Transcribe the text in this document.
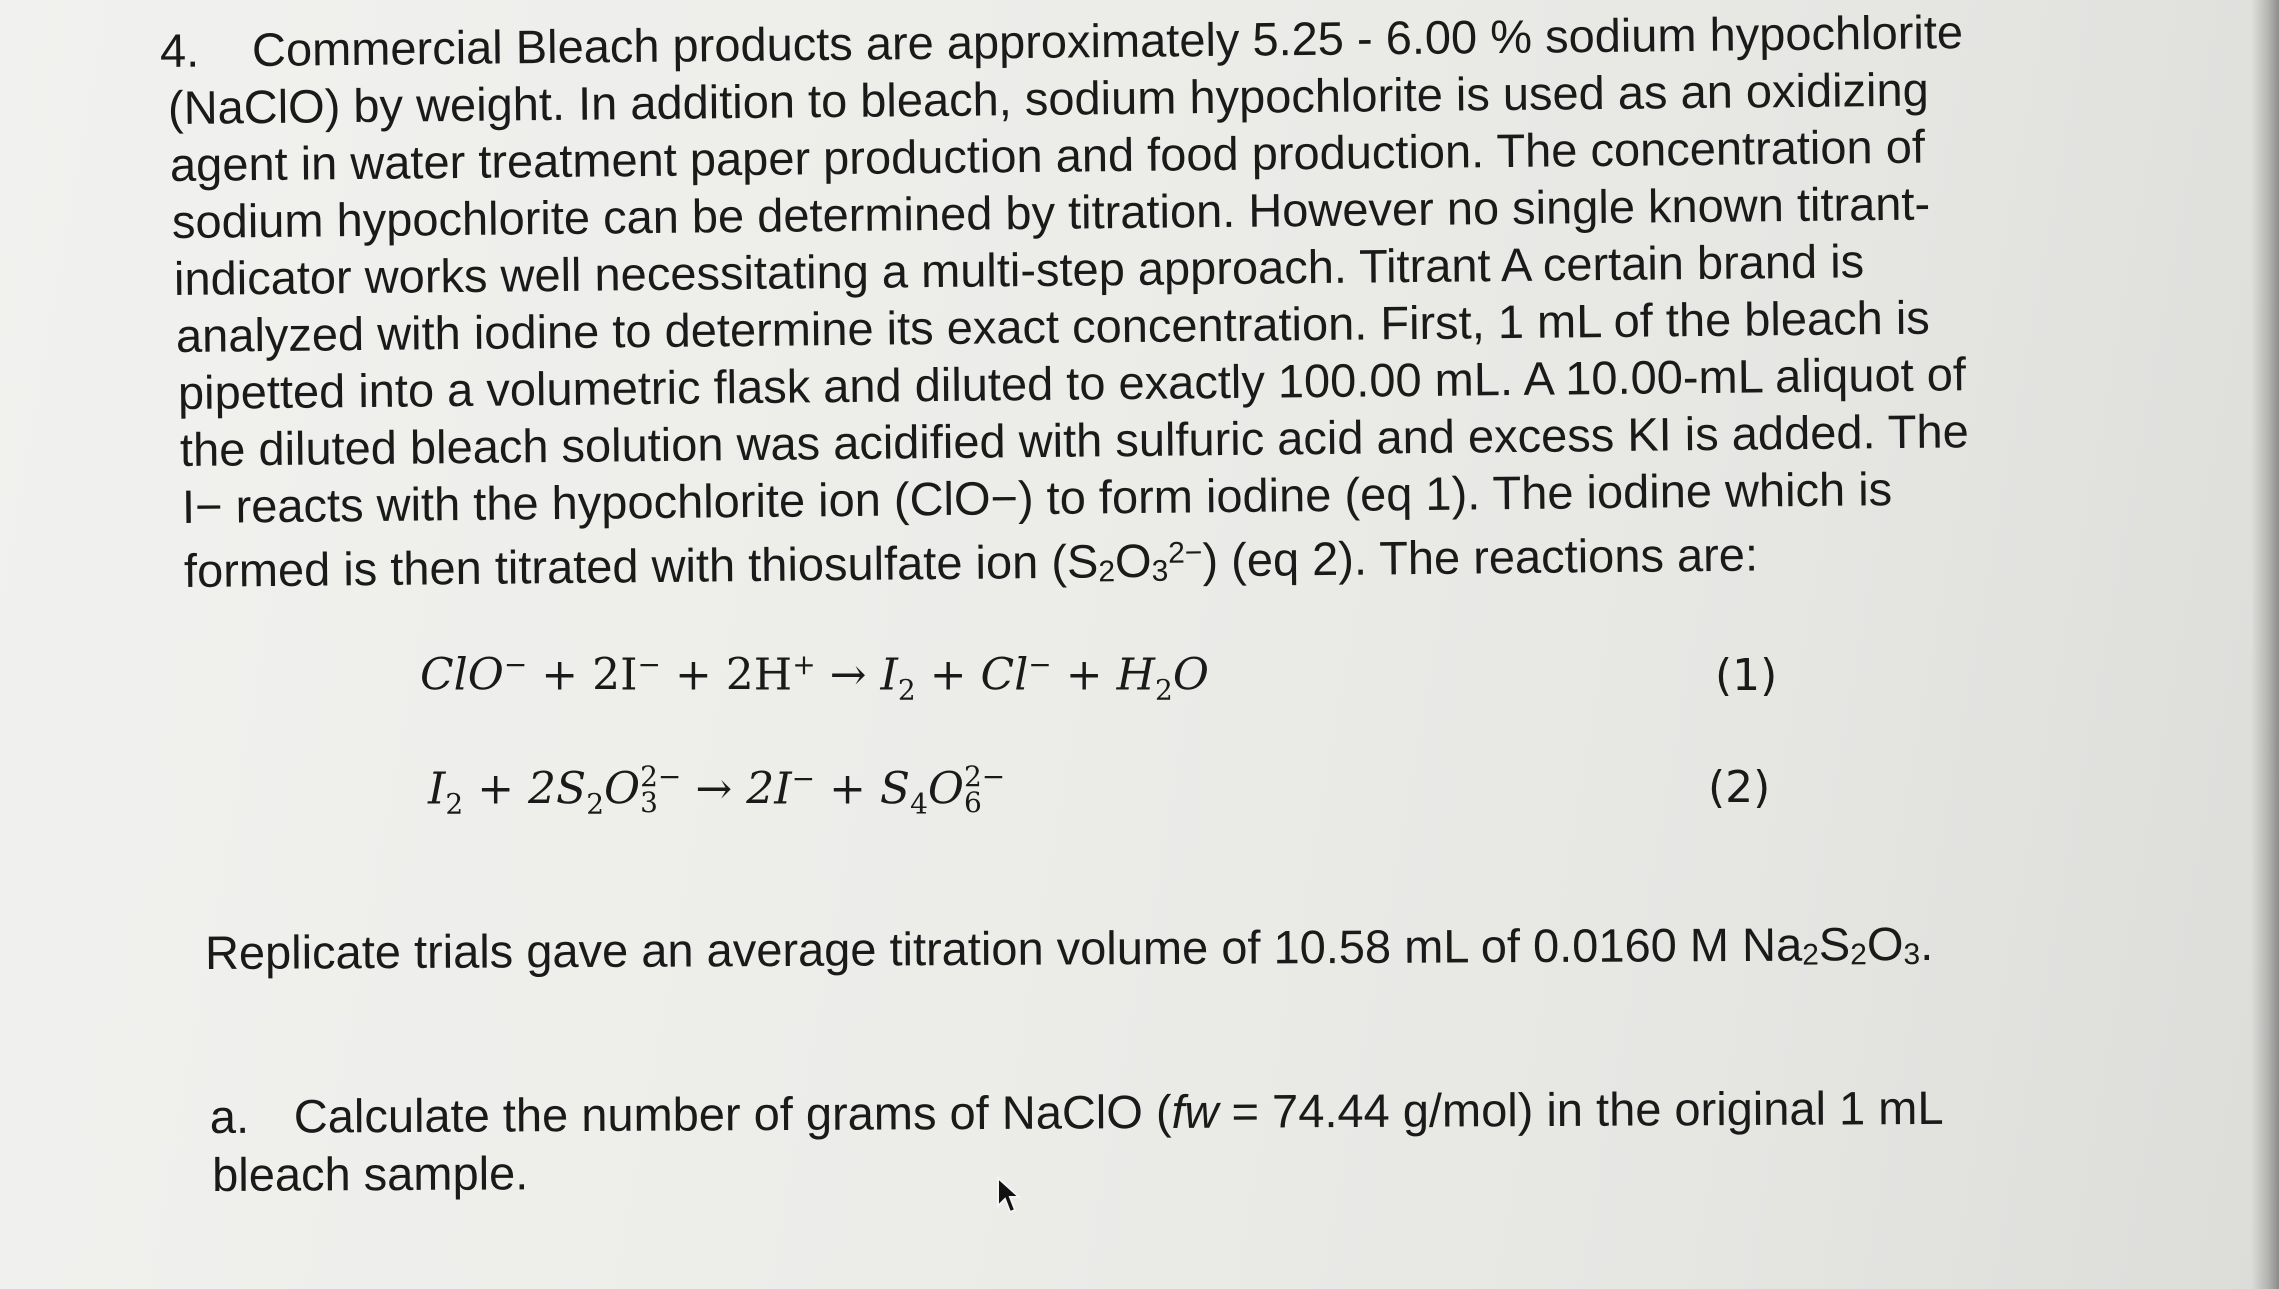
4. Commercial Bleach products are approximately 5.25 - 6.00 % sodium hypochlorite

(NaClO) by weight. In addition to bleach, sodium hypochlorite is used as an oxidizing

agent in water treatment paper production and food production. The concentration of

sodium hypochlorite can be determined by titration. However no single known titrant-

indicator works well necessitating a multi-step approach. Titrant A certain brand is

analyzed with iodine to determine its exact concentration. First, 1 mL of the bleach is

pipetted into a volumetric flask and diluted to exactly 100.00 mL. A 10.00-mL aliquot of

the diluted bleach solution was acidified with sulfuric acid and excess KI is added. The

I− reacts with the hypochlorite ion (ClO−) to form iodine (eq 1). The iodine which is

formed is then titrated with thiosulfate ion $(S2O3^{2-})$ (eq 2). The reactions are:

$ClO^- + 2I^- + 2H^+ \to I_2 + Cl^- + H_2O$	(1)
$I_2 + 2S_2O$ 2−
$3 \to 2I^- + S_4O$ 2−
6	(2)
Replicate trials gave an average titration volume of 10.58 mL of 0.0160 M Na2S2O3.
a. Calculate the number of grams of NaClO (fw = 74.44 g/mol) in the original 1 mL
bleach sample.
